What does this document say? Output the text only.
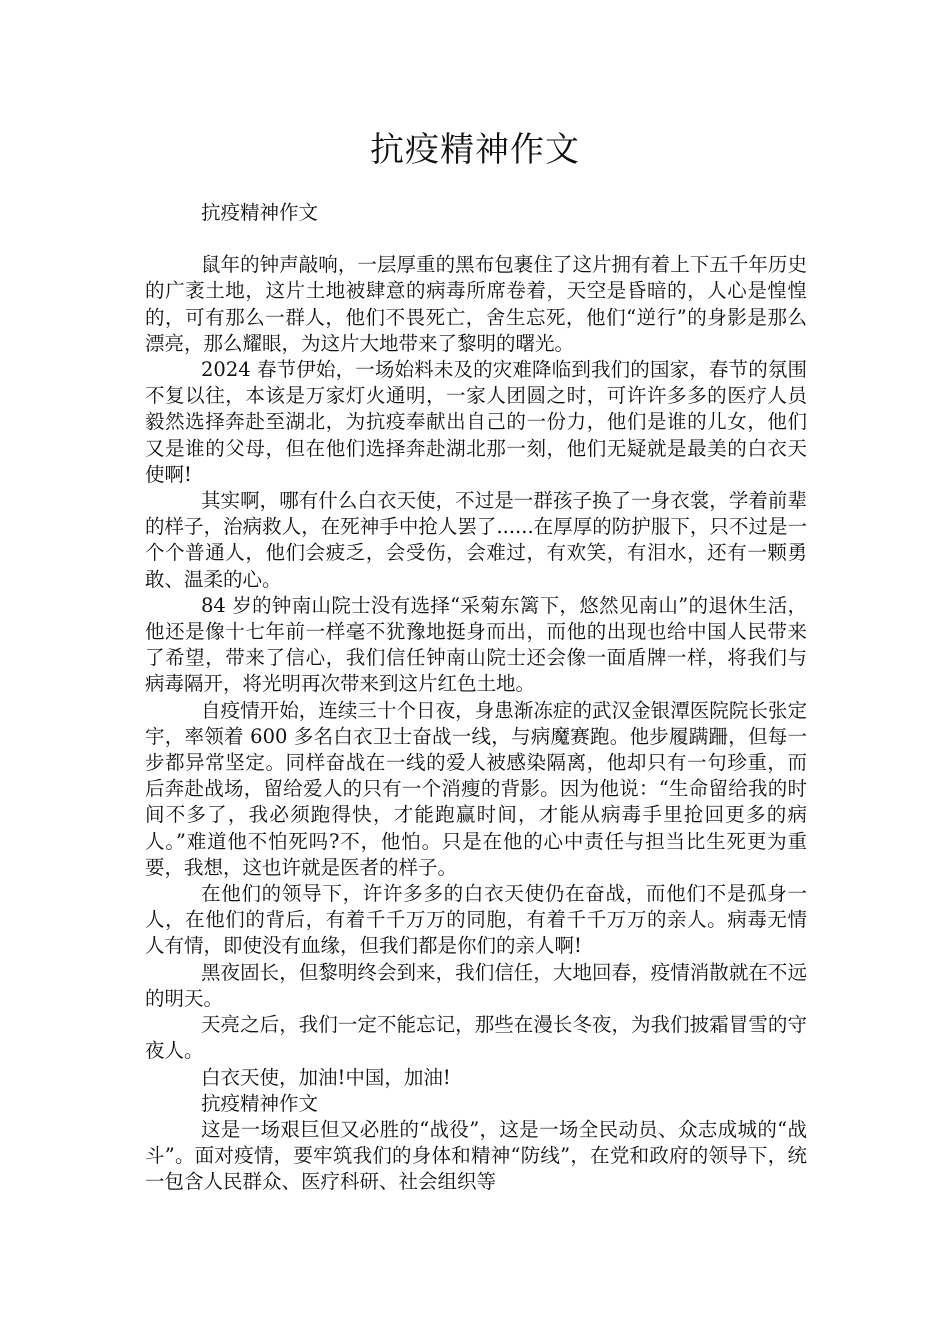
抗疫精神作文

抗疫精神作文

鼠年的钟声敲响，一层厚重的黑布包裹住了这片拥有着上下五千年历史的广袤土地，这片土地被肆意的病毒所席卷着，天空是昏暗的，人心是惶惶的，可有那么一群人，他们不畏死亡，舍生忘死，他们“逆行”的身影是那么漂亮，那么耀眼，为这片大地带来了黎明的曙光。

2024 春节伊始，一场始料未及的灾难降临到我们的国家，春节的氛围不复以往，本该是万家灯火通明，一家人团圆之时，可许许多多的医疗人员毅然选择奔赴至湖北，为抗疫奉献出自己的一份力，他们是谁的儿女，他们又是谁的父母，但在他们选择奔赴湖北那一刻，他们无疑就是最美的白衣天使啊!

其实啊，哪有什么白衣天使，不过是一群孩子换了一身衣裳，学着前辈的样子，治病救人，在死神手中抢人罢了......在厚厚的防护服下，只不过是一个个普通人，他们会疲乏，会受伤，会难过，有欢笑，有泪水，还有一颗勇敢、温柔的心。

84 岁的钟南山院士没有选择“采菊东篱下，悠然见南山”的退休生活，他还是像十七年前一样毫不犹豫地挺身而出，而他的出现也给中国人民带来了希望，带来了信心，我们信任钟南山院士还会像一面盾牌一样，将我们与病毒隔开，将光明再次带来到这片红色土地。

自疫情开始，连续三十个日夜，身患渐冻症的武汉金银潭医院院长张定宇，率领着 600 多名白衣卫士奋战一线，与病魔赛跑。他步履蹒跚，但每一步都异常坚定。同样奋战在一线的爱人被感染隔离，他却只有一句珍重，而后奔赴战场，留给爱人的只有一个消瘦的背影。因为他说：“生命留给我的时间不多了，我必须跑得快，才能跑赢时间，才能从病毒手里抢回更多的病人。”难道他不怕死吗?不，他怕。只是在他的心中责任与担当比生死更为重要，我想，这也许就是医者的样子。

在他们的领导下，许许多多的白衣天使仍在奋战，而他们不是孤身一人，在他们的背后，有着千千万万的同胞，有着千千万万的亲人。病毒无情人有情，即使没有血缘，但我们都是你们的亲人啊!

黑夜固长，但黎明终会到来，我们信任，大地回春，疫情消散就在不远的明天。

天亮之后，我们一定不能忘记，那些在漫长冬夜，为我们披霜冒雪的守夜人。

白衣天使，加油!中国，加油!

抗疫精神作文

这是一场艰巨但又必胜的“战役”，这是一场全民动员、众志成城的“战斗”。面对疫情，要牢筑我们的身体和精神“防线”，在党和政府的领导下，统一包含人民群众、医疗科研、社会组织等
